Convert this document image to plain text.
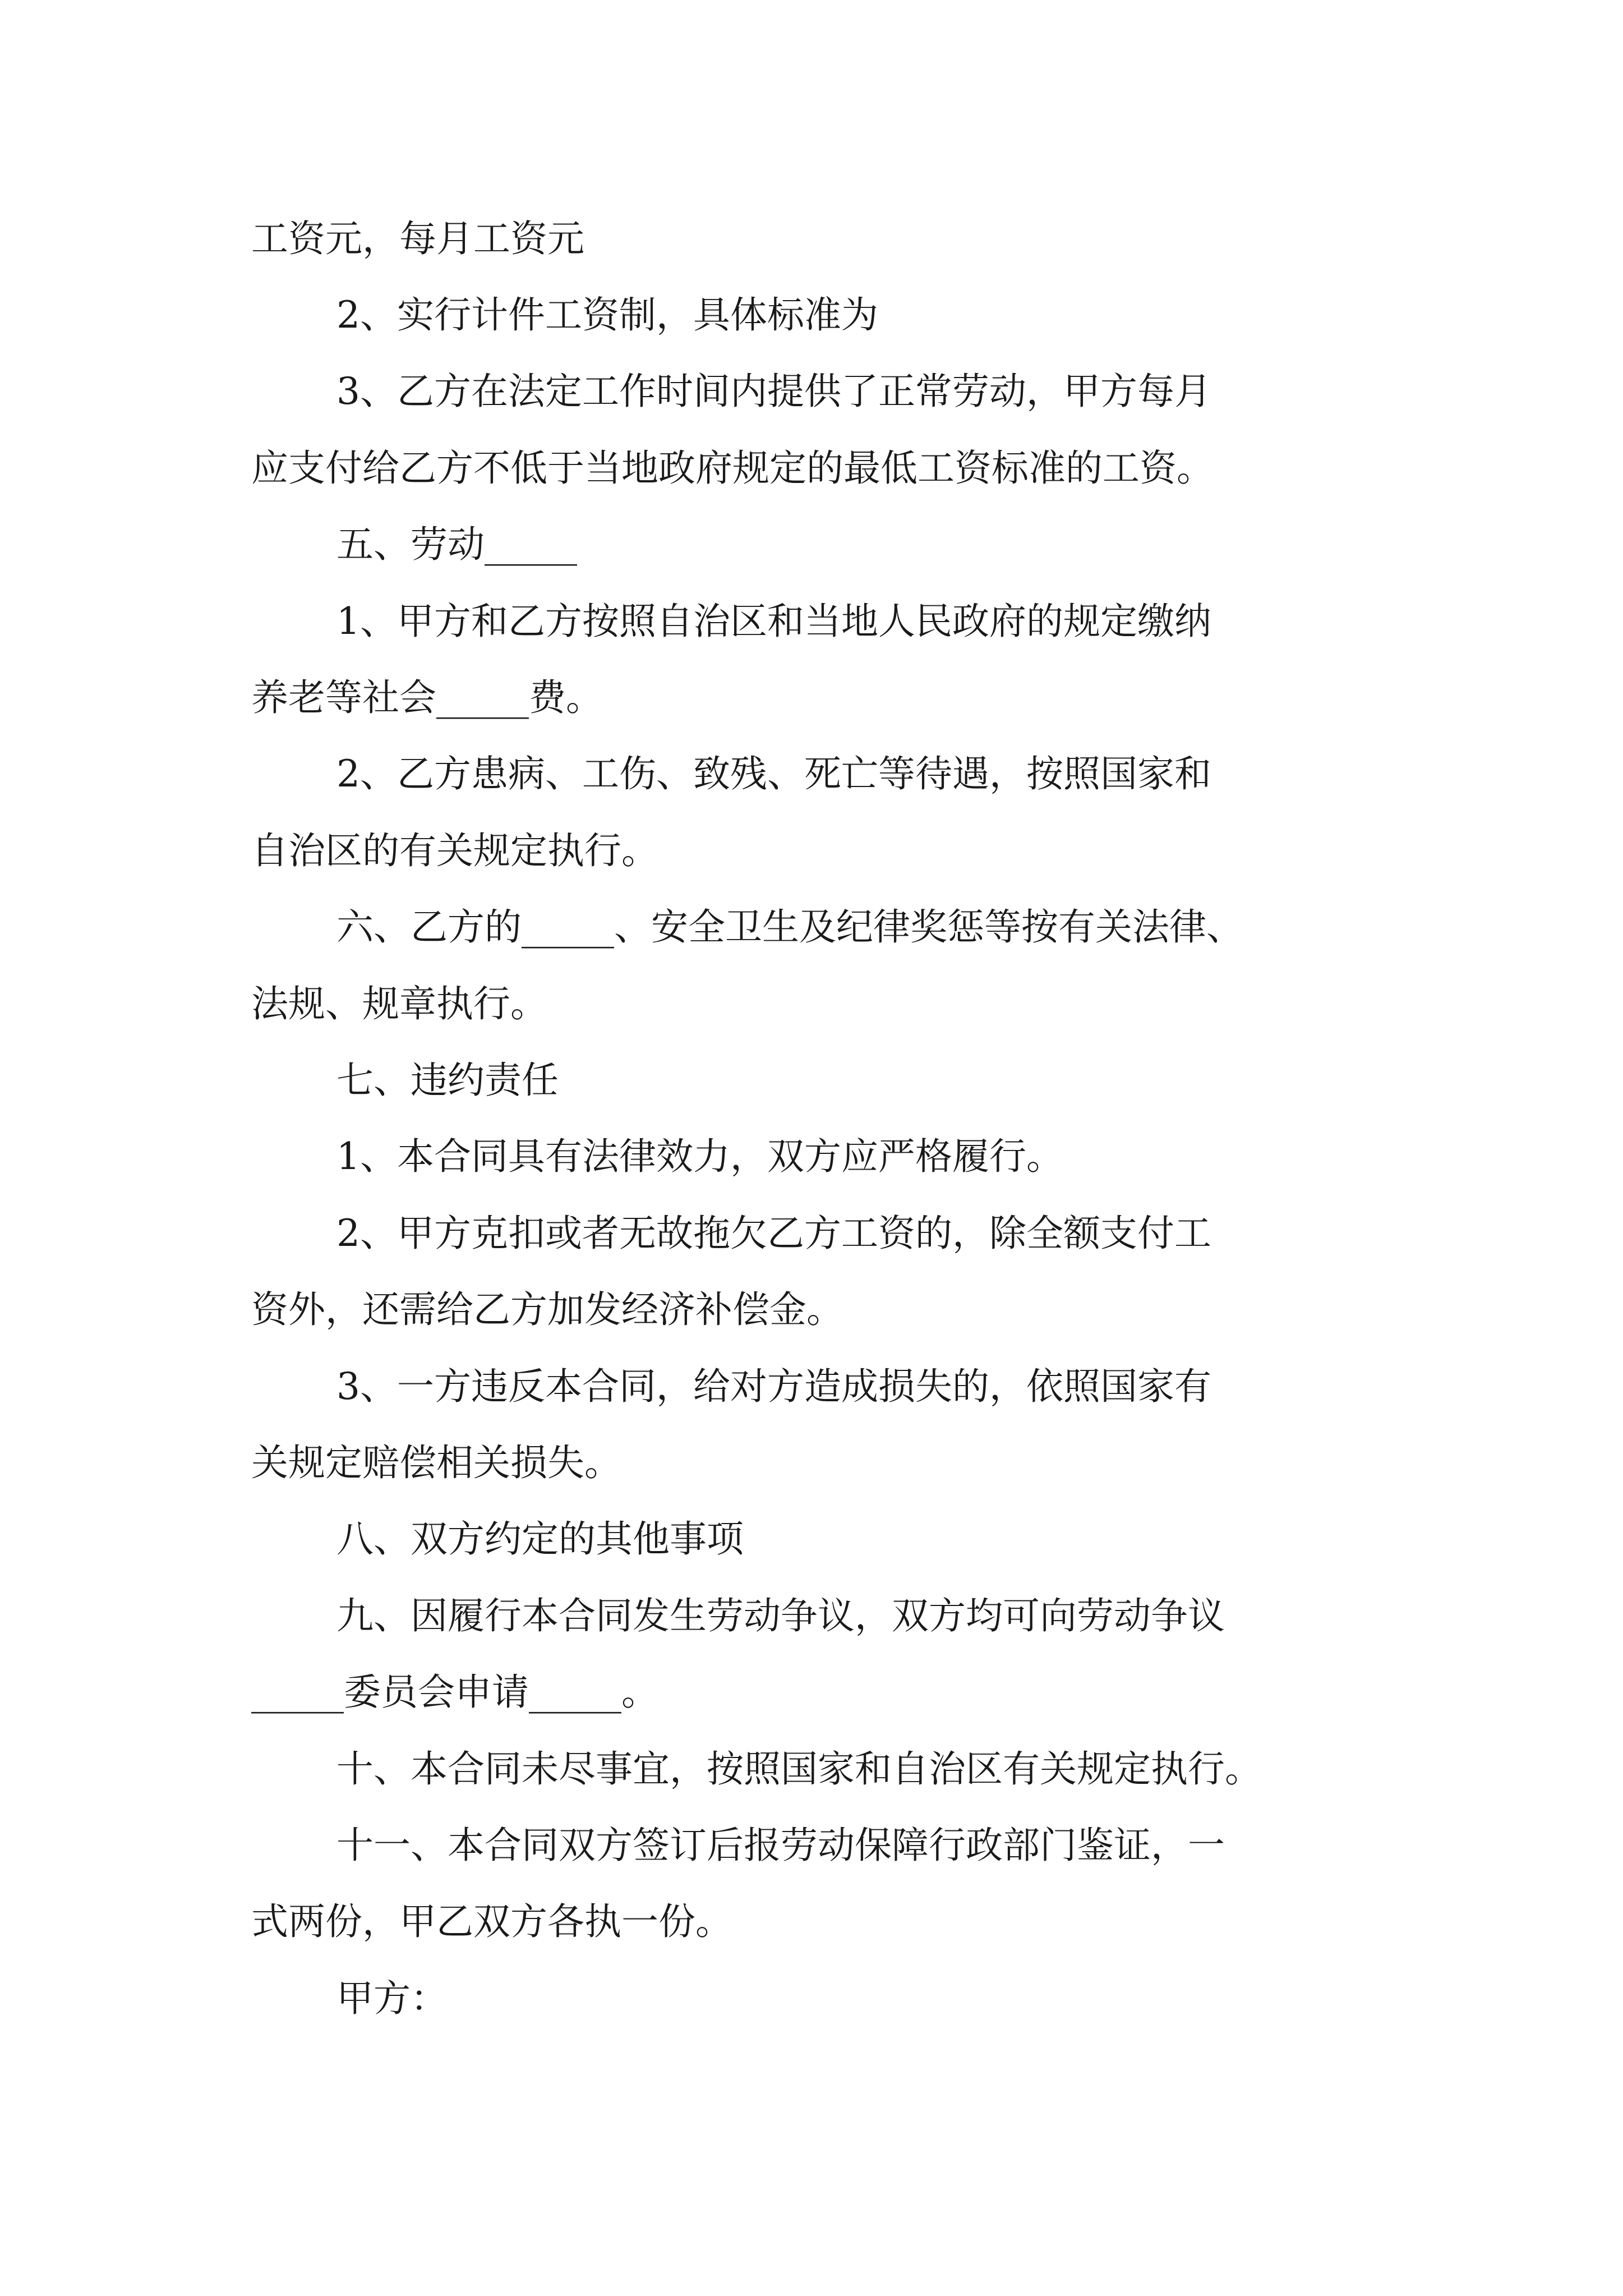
工资元，每月工资元
2、实行计件工资制，具体标准为
3、乙方在法定工作时间内提供了正常劳动，甲方每月
应支付给乙方不低于当地政府规定的最低工资标准的工资。
五、劳动_____
1、甲方和乙方按照自治区和当地人民政府的规定缴纳
养老等社会_____费。
2、乙方患病、工伤、致残、死亡等待遇，按照国家和
自治区的有关规定执行。
六、乙方的_____、安全卫生及纪律奖惩等按有关法律、
法规、规章执行。
七、违约责任
1、本合同具有法律效力，双方应严格履行。
2、甲方克扣或者无故拖欠乙方工资的，除全额支付工
资外，还需给乙方加发经济补偿金。
3、一方违反本合同，给对方造成损失的，依照国家有
关规定赔偿相关损失。
八、双方约定的其他事项
九、因履行本合同发生劳动争议，双方均可向劳动争议
_____委员会申请_____。
十、本合同未尽事宜，按照国家和自治区有关规定执行。
十一、本合同双方签订后报劳动保障行政部门鉴证，一
式两份，甲乙双方各执一份。
甲方：
